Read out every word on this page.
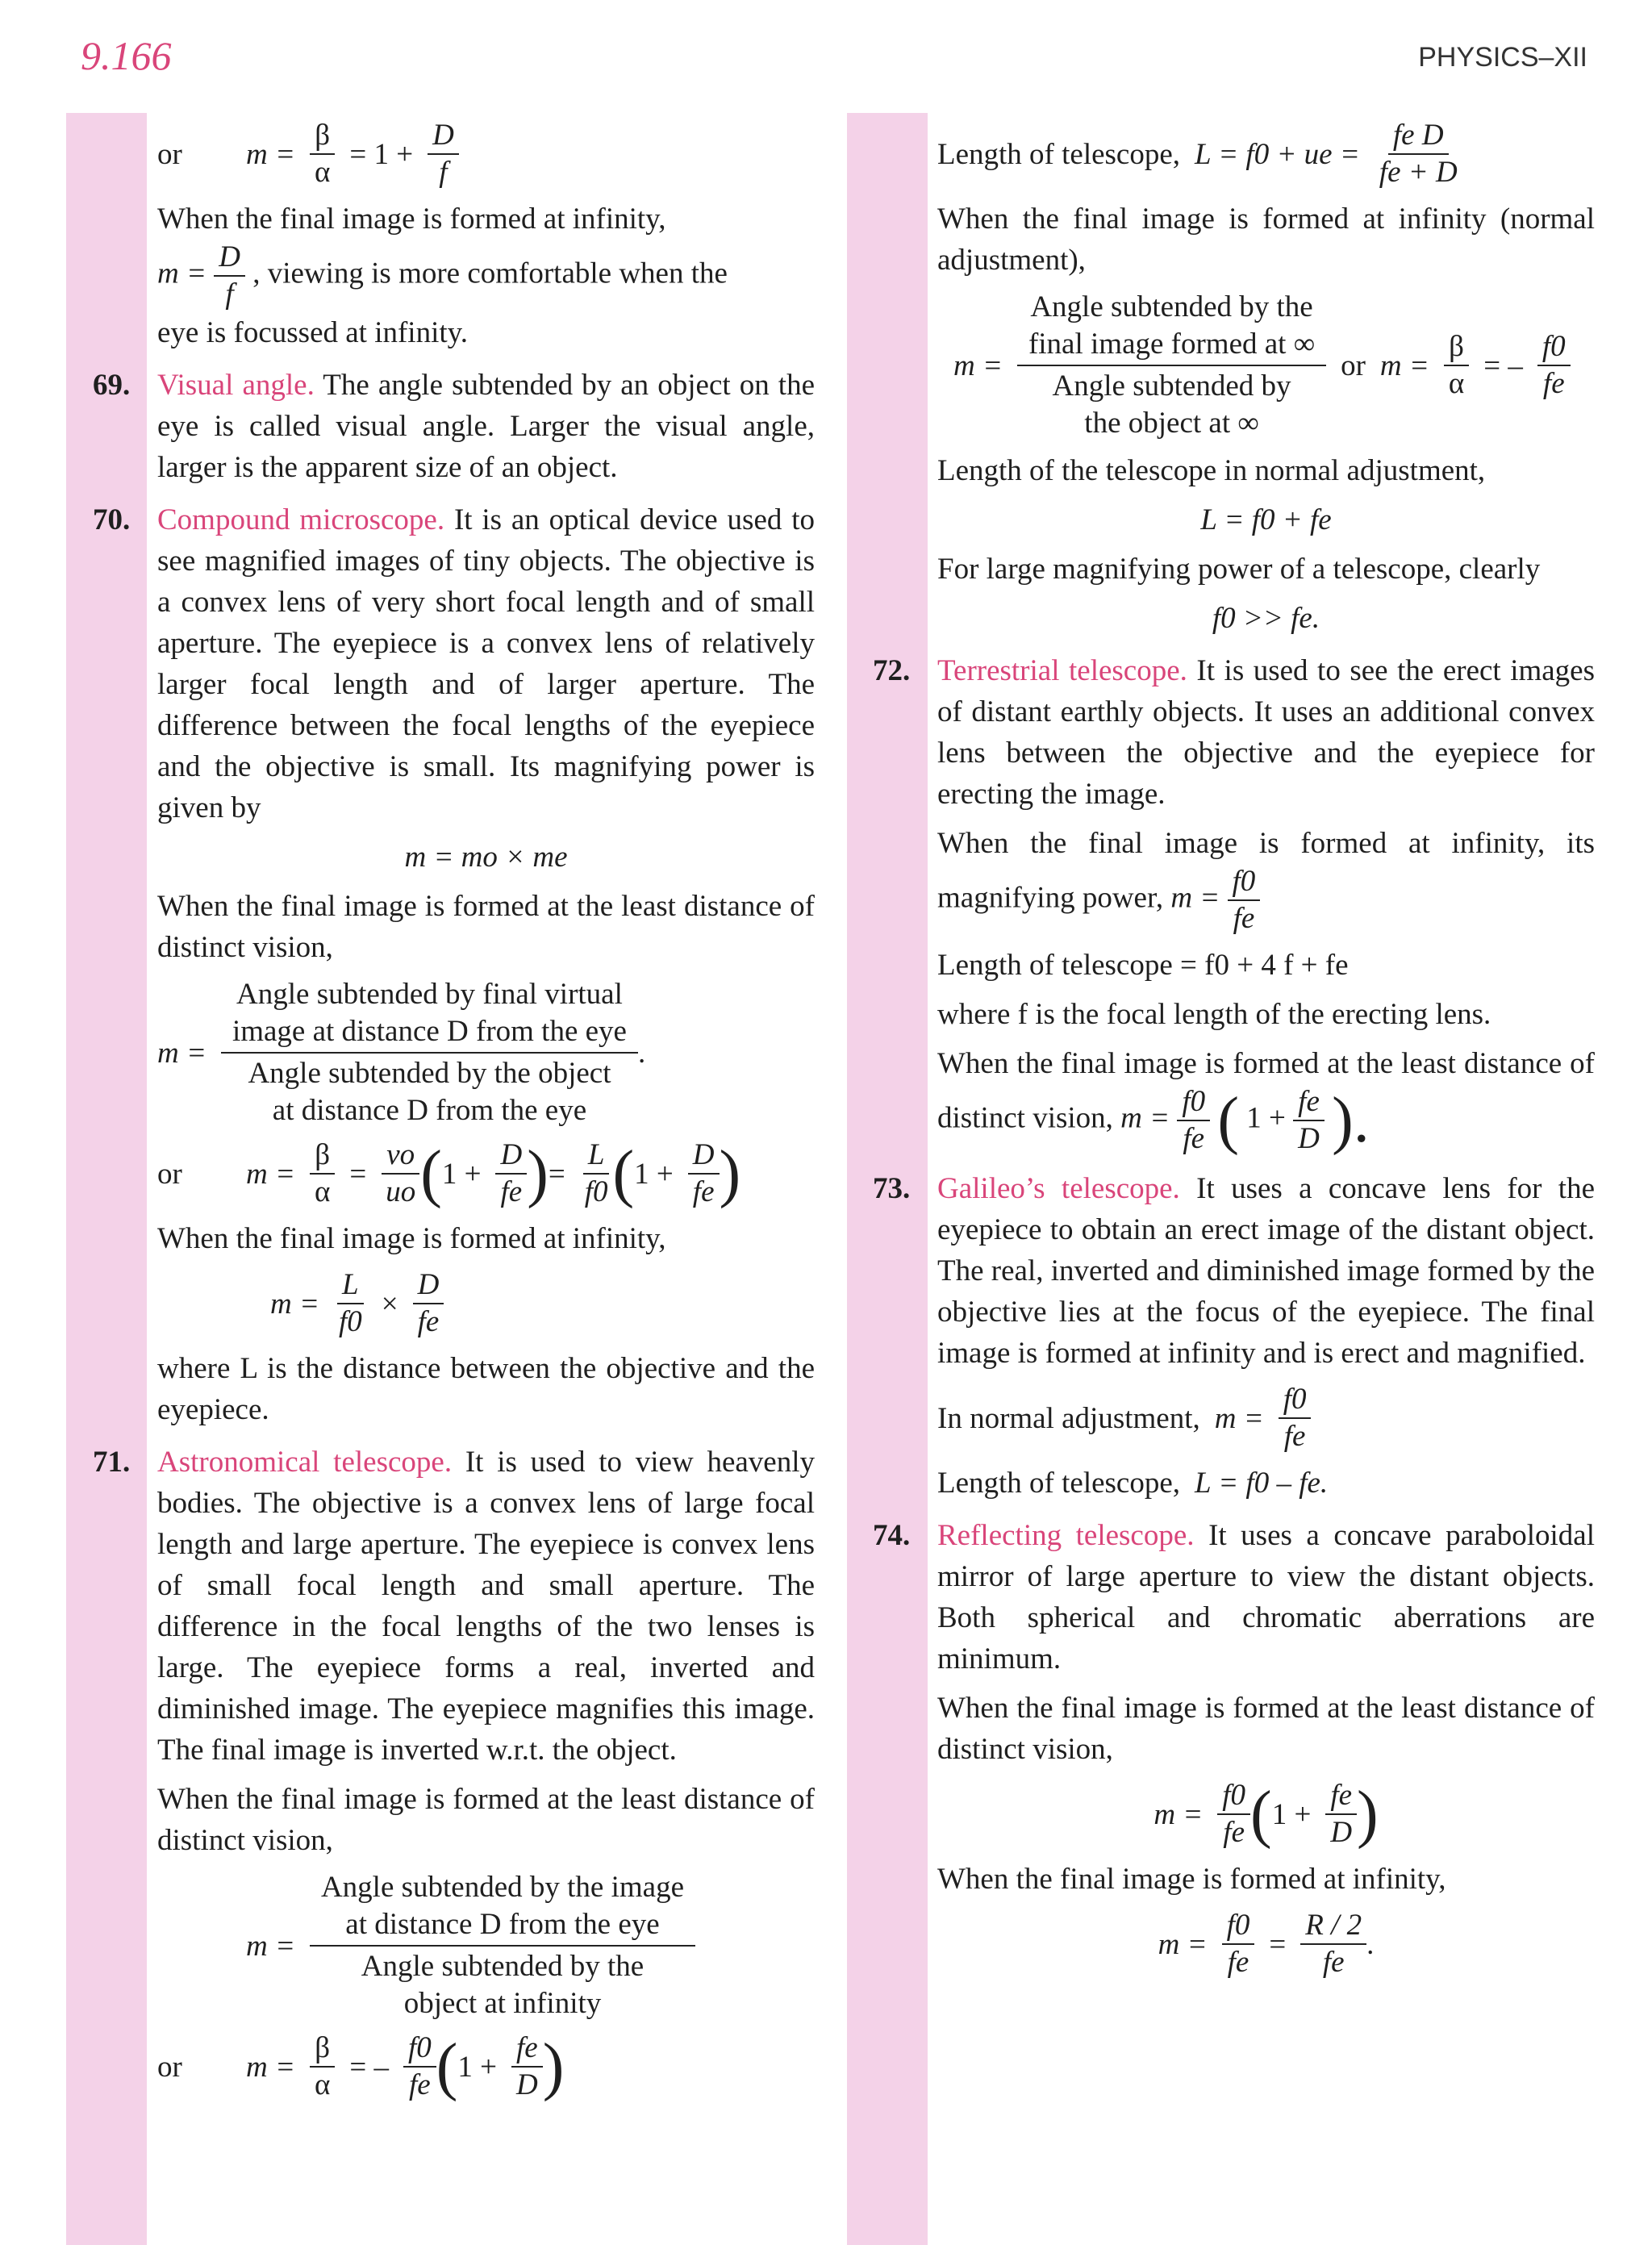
9.166	PHYSICS–XII
or	$m = \frac{\beta}{\alpha} = 1 + \frac{D}{f}$

When the final image is formed at infinity,
$m = \frac{D}{f}$ , viewing is more comfortable when the
eye is focussed at infinity.

69. Visual angle. The angle subtended by an object on the eye is called visual angle. Larger the visual angle, larger is the apparent size of an object.

70. Compound microscope. It is an optical device used to see magnified images of tiny objects. The objective is a convex lens of very short focal length and of small aperture. The eyepiece is a convex lens of relatively larger focal length and of larger aperture. The difference between the focal lengths of the eyepiece and the objective is small. Its magnifying power is given by

m = mo × me

When the final image is formed at the least distance of distinct vision,

m =
Angle subtended by final virtual
image at distance D from the eye
Angle subtended by the object
at distance D from the eye
.
or	$m = \frac{\beta}{\alpha} = \frac{vo}{uo}$ ( $1 + \frac{D}{fe}$ ) = $\frac{L}{f0}$ ( $1 + \frac{D}{fe}$ )

When the final image is formed at infinity,

$m = \frac{L}{f0} \times \frac{D}{fe}$

where L is the distance between the objective and the eyepiece.

71. Astronomical telescope. It is used to view heavenly bodies. The objective is a convex lens of large focal length and large aperture. The eyepiece is convex lens of small focal length and small aperture. The difference in the focal lengths of the two lenses is large. The eyepiece forms a real, inverted and diminished image. The eyepiece magnifies this image. The final image is inverted w.r.t. the object.

When the final image is formed at the least distance of distinct vision,

m =
Angle subtended by the image
at distance D from the eye
Angle subtended by the
object at infinity
or	$m = \frac{\beta}{\alpha}$ = – $\frac{f0}{fe}$ ( $1 + \frac{fe}{D}$ )
Length of telescope, L = f0 + ue = $\frac{\text{fe D}}{fe + D}$

When the final image is formed at infinity (normal adjustment),

m =
Angle subtended by the
final image formed at ∞
Angle subtended by
the object at ∞
or $m = \frac{\beta}{\alpha}$ = – $\frac{f0}{fe}$

Length of the telescope in normal adjustment,

L = f0 + fe

For large magnifying power of a telescope, clearly

f0 >> fe.
72. Terrestrial telescope. It is used to see the erect images of distant earthly objects. It uses an additional convex lens between the objective and the eyepiece for erecting the image.

When the final image is formed at infinity, its magnifying power, $m = \frac{f0}{fe}$

Length of telescope = f0 + 4 f + fe

where f is the focal length of the erecting lens.

When the final image is formed at the least distance of distinct vision, $m = \frac{f0}{fe}$ ( $1 + \frac{fe}{D}$ ).

73. Galileo’s telescope. It uses a concave lens for the eyepiece to obtain an erect image of the distant object. The real, inverted and diminished image formed by the objective lies at the focus of the eyepiece. The final image is formed at infinity and is erect and magnified.

In normal adjustment, $m = \frac{f0}{fe}$
Length of telescope, L = f0 – fe.
74. Reflecting telescope. It uses a concave paraboloidal mirror of large aperture to view the distant objects. Both spherical and chromatic aberrations are minimum.

When the final image is formed at the least distance of distinct vision,

$m = \frac{f0}{fe}$ ( $1 + \frac{fe}{D}$ )

When the final image is formed at infinity,

$m = \frac{f0}{fe} = \frac{R / 2}{fe}$ .
